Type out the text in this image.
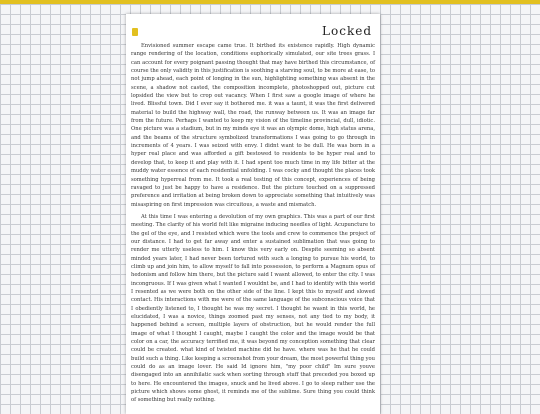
Locked

Envisioned summer escape came true. It birthed its existence rapidly. High dynamic range rendering of the location, conditions euphorically simulated, our site trees grass. I can account for every poignant passing thought that may have birthed this circumstance, of course the only validity in this justification is soothing a starving soul, to be more at ease, to not jump ahead, each point of longing in the sun, highlighting something was absent in the scene, a shadow not casted, the composition incomplete, photoshopped out, picture cut lopsided the view but to crop out vacancy. When I first saw a google image of where he lived. Blissful town. Did I ever say it bothered me. it was a taunt, it was the first delivered material to build the highway wall, the road, the runway between us. It was an image far from the future. Perhaps I wanted to keep my vision of the timeline provincial, dull, idiotic. One picture was a stadium, but in my minds eye it was an olympic dome, high status arena, and the beams of the structure symbolized transformations I was going to go through in increments of 4 years. I was seized with envy. I didnt want to be dull. He was born in a hyper real place and was afforded a gift bestowed to residents to be hyper real and to develop that, to keep it and play with it. I had spent too much time in my life bitter at the muddy water essence of each residential unfolding. I was cocky and thought the places took something hyperreal from me. It took a real testing of this concept, experiences of being ravaged to just be happy to have a residence. But the picture touched on a suppressed preference and irritation at being broken down to appreciate something that intuitively was misaspiring on first impression was circuitous, a waste and mismatch.

At this time I was entering a devolution of my own graphics. This was a part of our first meeting. The clarity of his world felt like migraine inducing needles of light. Acupuncture to the gel of the eye, and I resisted which were the tools and crew to commence the project of our distance. I had to get far away and enter a sustained sublimation that was going to render me utterly useless to him. I know this very early on. Despite seeming so absent minded years later, I had never been tortured with such a longing to pursue his world, to climb up and join him, to allow myself to fall into possession, to perform a Magnum opus of hedonism and follow him there, but the picture said I wasnt allowed, to enter the city. I was incongruous. If I was given what I wanted I wouldnt be, and I had to identify with this world I resented as we were both on the other side of the line. I kept this to myself and slowed contact. His interactions with me were of the same language of the subconscious voice that I obediently listened to, I thought he was my secret. I thought he wasnt in this world, he elucidated, I was a novice, things zoomed past my senses, not any tied to my body, it happened behind a screen, multiple layers of obstruction, but he would render the full image of what I thought I caught, maybe I caught the color and the image would be that color on a car, the accuracy terrified me, it was beyond my conception something that clear could be created. what kind of twisted machine did he have. where was he that he could build such a thing. Like keeping a screenshot from your dream, the most powerful thing you could do as an image lover. He said Id ignore him, "my poor child" Im sure youve disengaged into an annihilatic sack when sorting through stuff that preceded you boxed up to here. He encountered the images, snuck and he lived above. I go to sleep rather use the picture which shows some ghost, it reminds me of the sublime. Sure thing you could think of something but really nothing.
